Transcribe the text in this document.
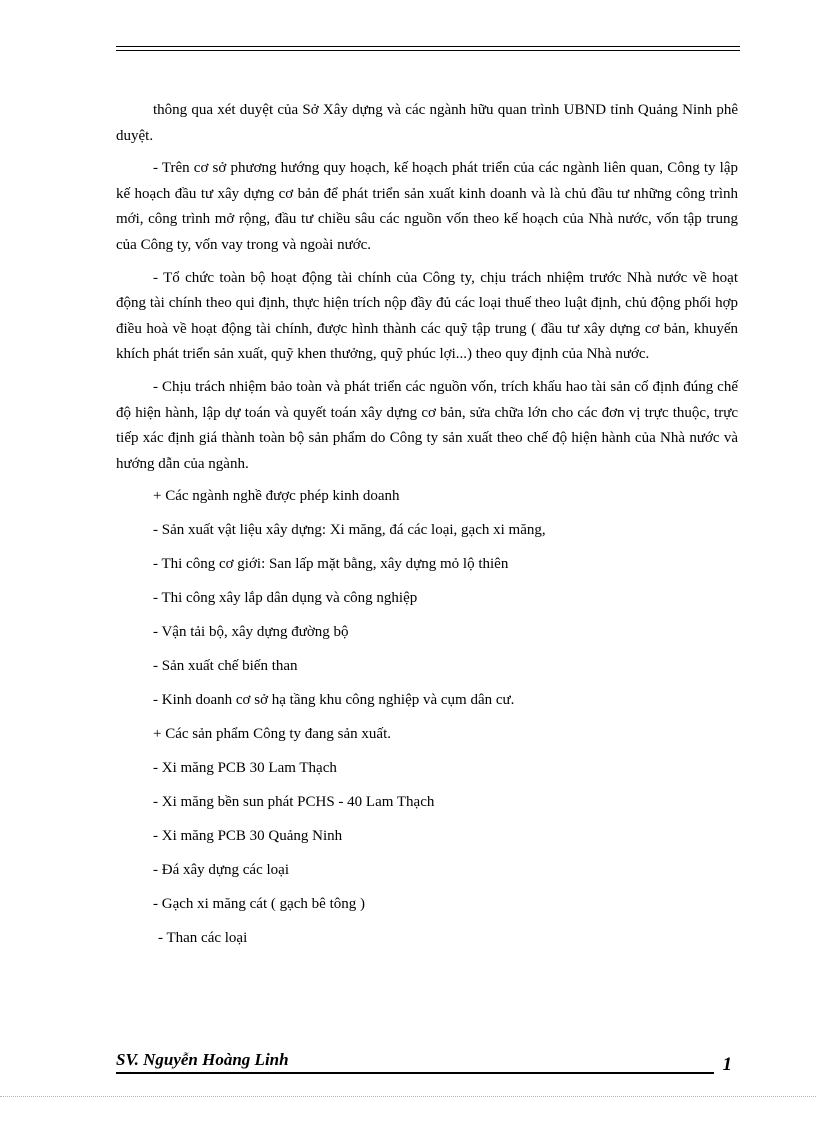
thông qua xét duyệt của Sở Xây dựng và các ngành hữu quan trình UBND tỉnh Quảng Ninh phê duyệt.

- Trên cơ sở phương hướng quy hoạch, kế hoạch phát triển của các ngành liên quan, Công ty lập kế hoạch đầu tư xây dựng cơ bản để phát triển sản xuất kinh doanh và là chủ đầu tư những công trình mới, công trình mở rộng, đầu tư chiều sâu các nguồn vốn theo kế hoạch của Nhà nước, vốn tập trung của Công ty, vốn vay trong và ngoài nước.

- Tổ chức toàn bộ hoạt động tài chính của Công ty, chịu trách nhiệm trước Nhà nước về hoạt động tài chính theo qui định, thực hiện trích nộp đầy đủ các loại thuế theo luật định, chủ động phối hợp điều hoà về hoạt động tài chính, được hình thành các quỹ tập trung ( đầu tư xây dựng cơ bản, khuyến khích phát triển sản xuất, quỹ khen thưởng, quỹ phúc lợi...) theo quy định của Nhà nước.

- Chịu trách nhiệm bảo toàn và phát triển các nguồn vốn, trích khấu hao tài sản cố định đúng chế độ hiện hành, lập dự toán và quyết toán xây dựng cơ bản, sửa chữa lớn cho các đơn vị trực thuộc, trực tiếp xác định giá thành toàn bộ sản phẩm do Công ty sản xuất theo chế độ hiện hành của Nhà nước và hướng dẫn của ngành.

+ Các ngành nghề được phép kinh doanh
- Sản xuất vật liệu xây dựng: Xi măng, đá các loại, gạch xi măng,
- Thi công cơ giới: San lấp mặt bằng, xây dựng mỏ lộ thiên
- Thi công xây lắp dân dụng và công nghiệp
- Vận tải bộ, xây dựng đường bộ
- Sản xuất chế biến than
- Kinh doanh cơ sở hạ tầng khu công nghiệp và cụm dân cư.
+ Các sản phẩm Công ty đang sản xuất.
- Xi măng PCB 30 Lam Thạch
- Xi măng bền sun phát PCHS - 40 Lam Thạch
- Xi măng PCB 30 Quảng Ninh
- Đá xây dựng các loại
- Gạch xi măng cát ( gạch bê tông )
- Than các loại
SV. Nguyễn Hoàng Linh	1
